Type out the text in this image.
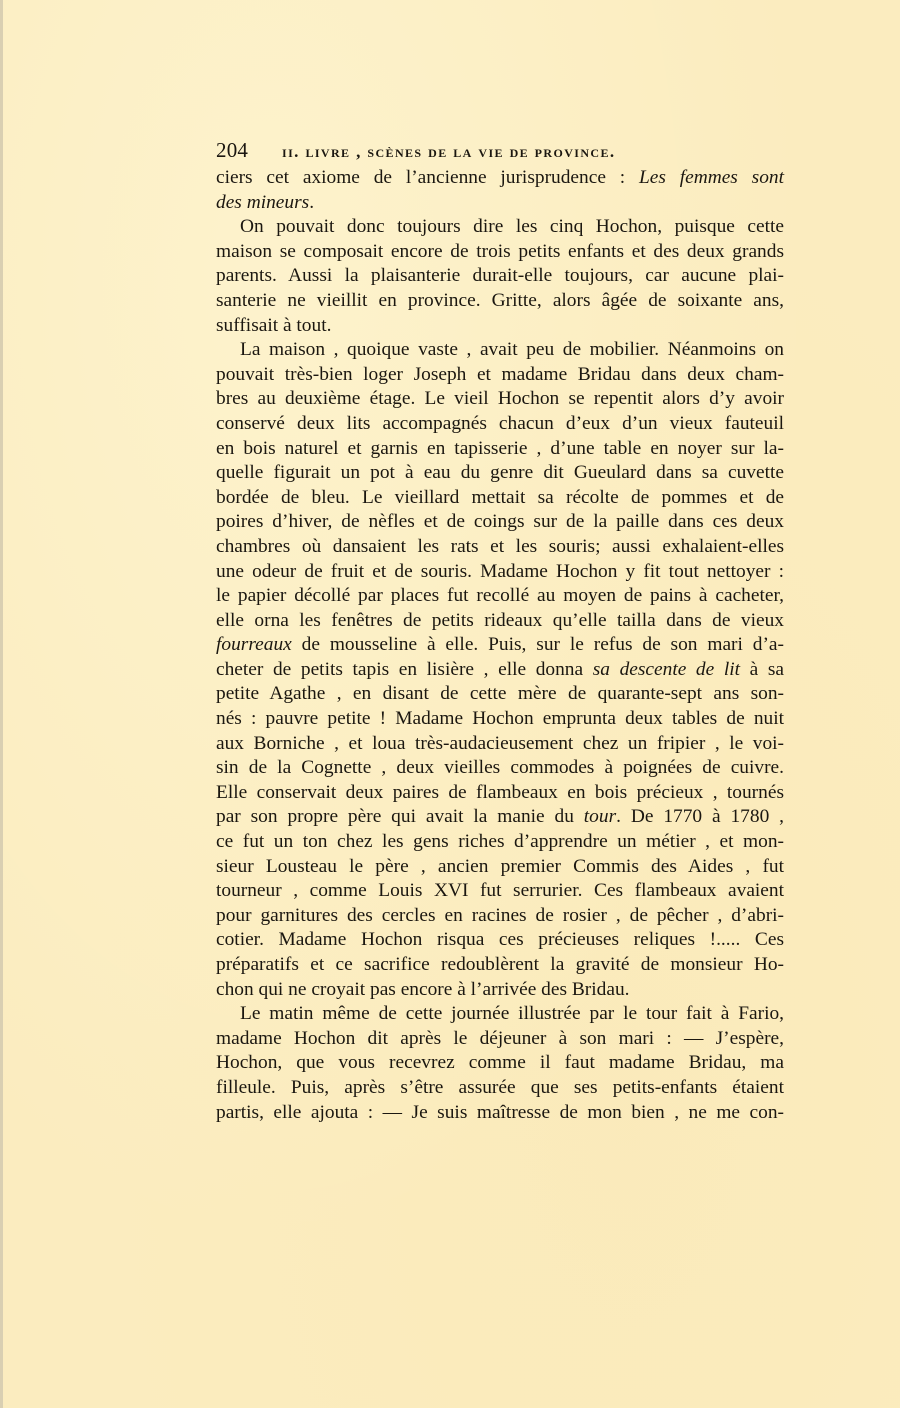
204	ii. livre , scènes de la vie de province.
ciers cet axiome de l’ancienne jurisprudence : Les femmes sont
des mineurs.
On pouvait donc toujours dire les cinq Hochon, puisque cette
maison se composait encore de trois petits enfants et des deux grands
parents. Aussi la plaisanterie durait-elle toujours, car aucune plai-
santerie ne vieillit en province. Gritte, alors âgée de soixante ans,
suffisait à tout.
La maison , quoique vaste , avait peu de mobilier. Néanmoins on
pouvait très-bien loger Joseph et madame Bridau dans deux cham-
bres au deuxième étage. Le vieil Hochon se repentit alors d’y avoir
conservé deux lits accompagnés chacun d’eux d’un vieux fauteuil
en bois naturel et garnis en tapisserie , d’une table en noyer sur la-
quelle figurait un pot à eau du genre dit Gueulard dans sa cuvette
bordée de bleu. Le vieillard mettait sa récolte de pommes et de
poires d’hiver, de nèfles et de coings sur de la paille dans ces deux
chambres où dansaient les rats et les souris; aussi exhalaient-elles
une odeur de fruit et de souris. Madame Hochon y fit tout nettoyer :
le papier décollé par places fut recollé au moyen de pains à cacheter,
elle orna les fenêtres de petits rideaux qu’elle tailla dans de vieux
fourreaux de mousseline à elle. Puis, sur le refus de son mari d’a-
cheter de petits tapis en lisière , elle donna sa descente de lit à sa
petite Agathe , en disant de cette mère de quarante-sept ans son-
nés : pauvre petite ! Madame Hochon emprunta deux tables de nuit
aux Borniche , et loua très-audacieusement chez un fripier , le voi-
sin de la Cognette , deux vieilles commodes à poignées de cuivre.
Elle conservait deux paires de flambeaux en bois précieux , tournés
par son propre père qui avait la manie du tour. De 1770 à 1780 ,
ce fut un ton chez les gens riches d’apprendre un métier , et mon-
sieur Lousteau le père , ancien premier Commis des Aides , fut
tourneur , comme Louis XVI fut serrurier. Ces flambeaux avaient
pour garnitures des cercles en racines de rosier , de pêcher , d’abri-
cotier. Madame Hochon risqua ces précieuses reliques !..... Ces
préparatifs et ce sacrifice redoublèrent la gravité de monsieur Ho-
chon qui ne croyait pas encore à l’arrivée des Bridau.
Le matin même de cette journée illustrée par le tour fait à Fario,
madame Hochon dit après le déjeuner à son mari : — J’espère,
Hochon, que vous recevrez comme il faut madame Bridau, ma
filleule. Puis, après s’être assurée que ses petits-enfants étaient
partis, elle ajouta : — Je suis maîtresse de mon bien , ne me con-
